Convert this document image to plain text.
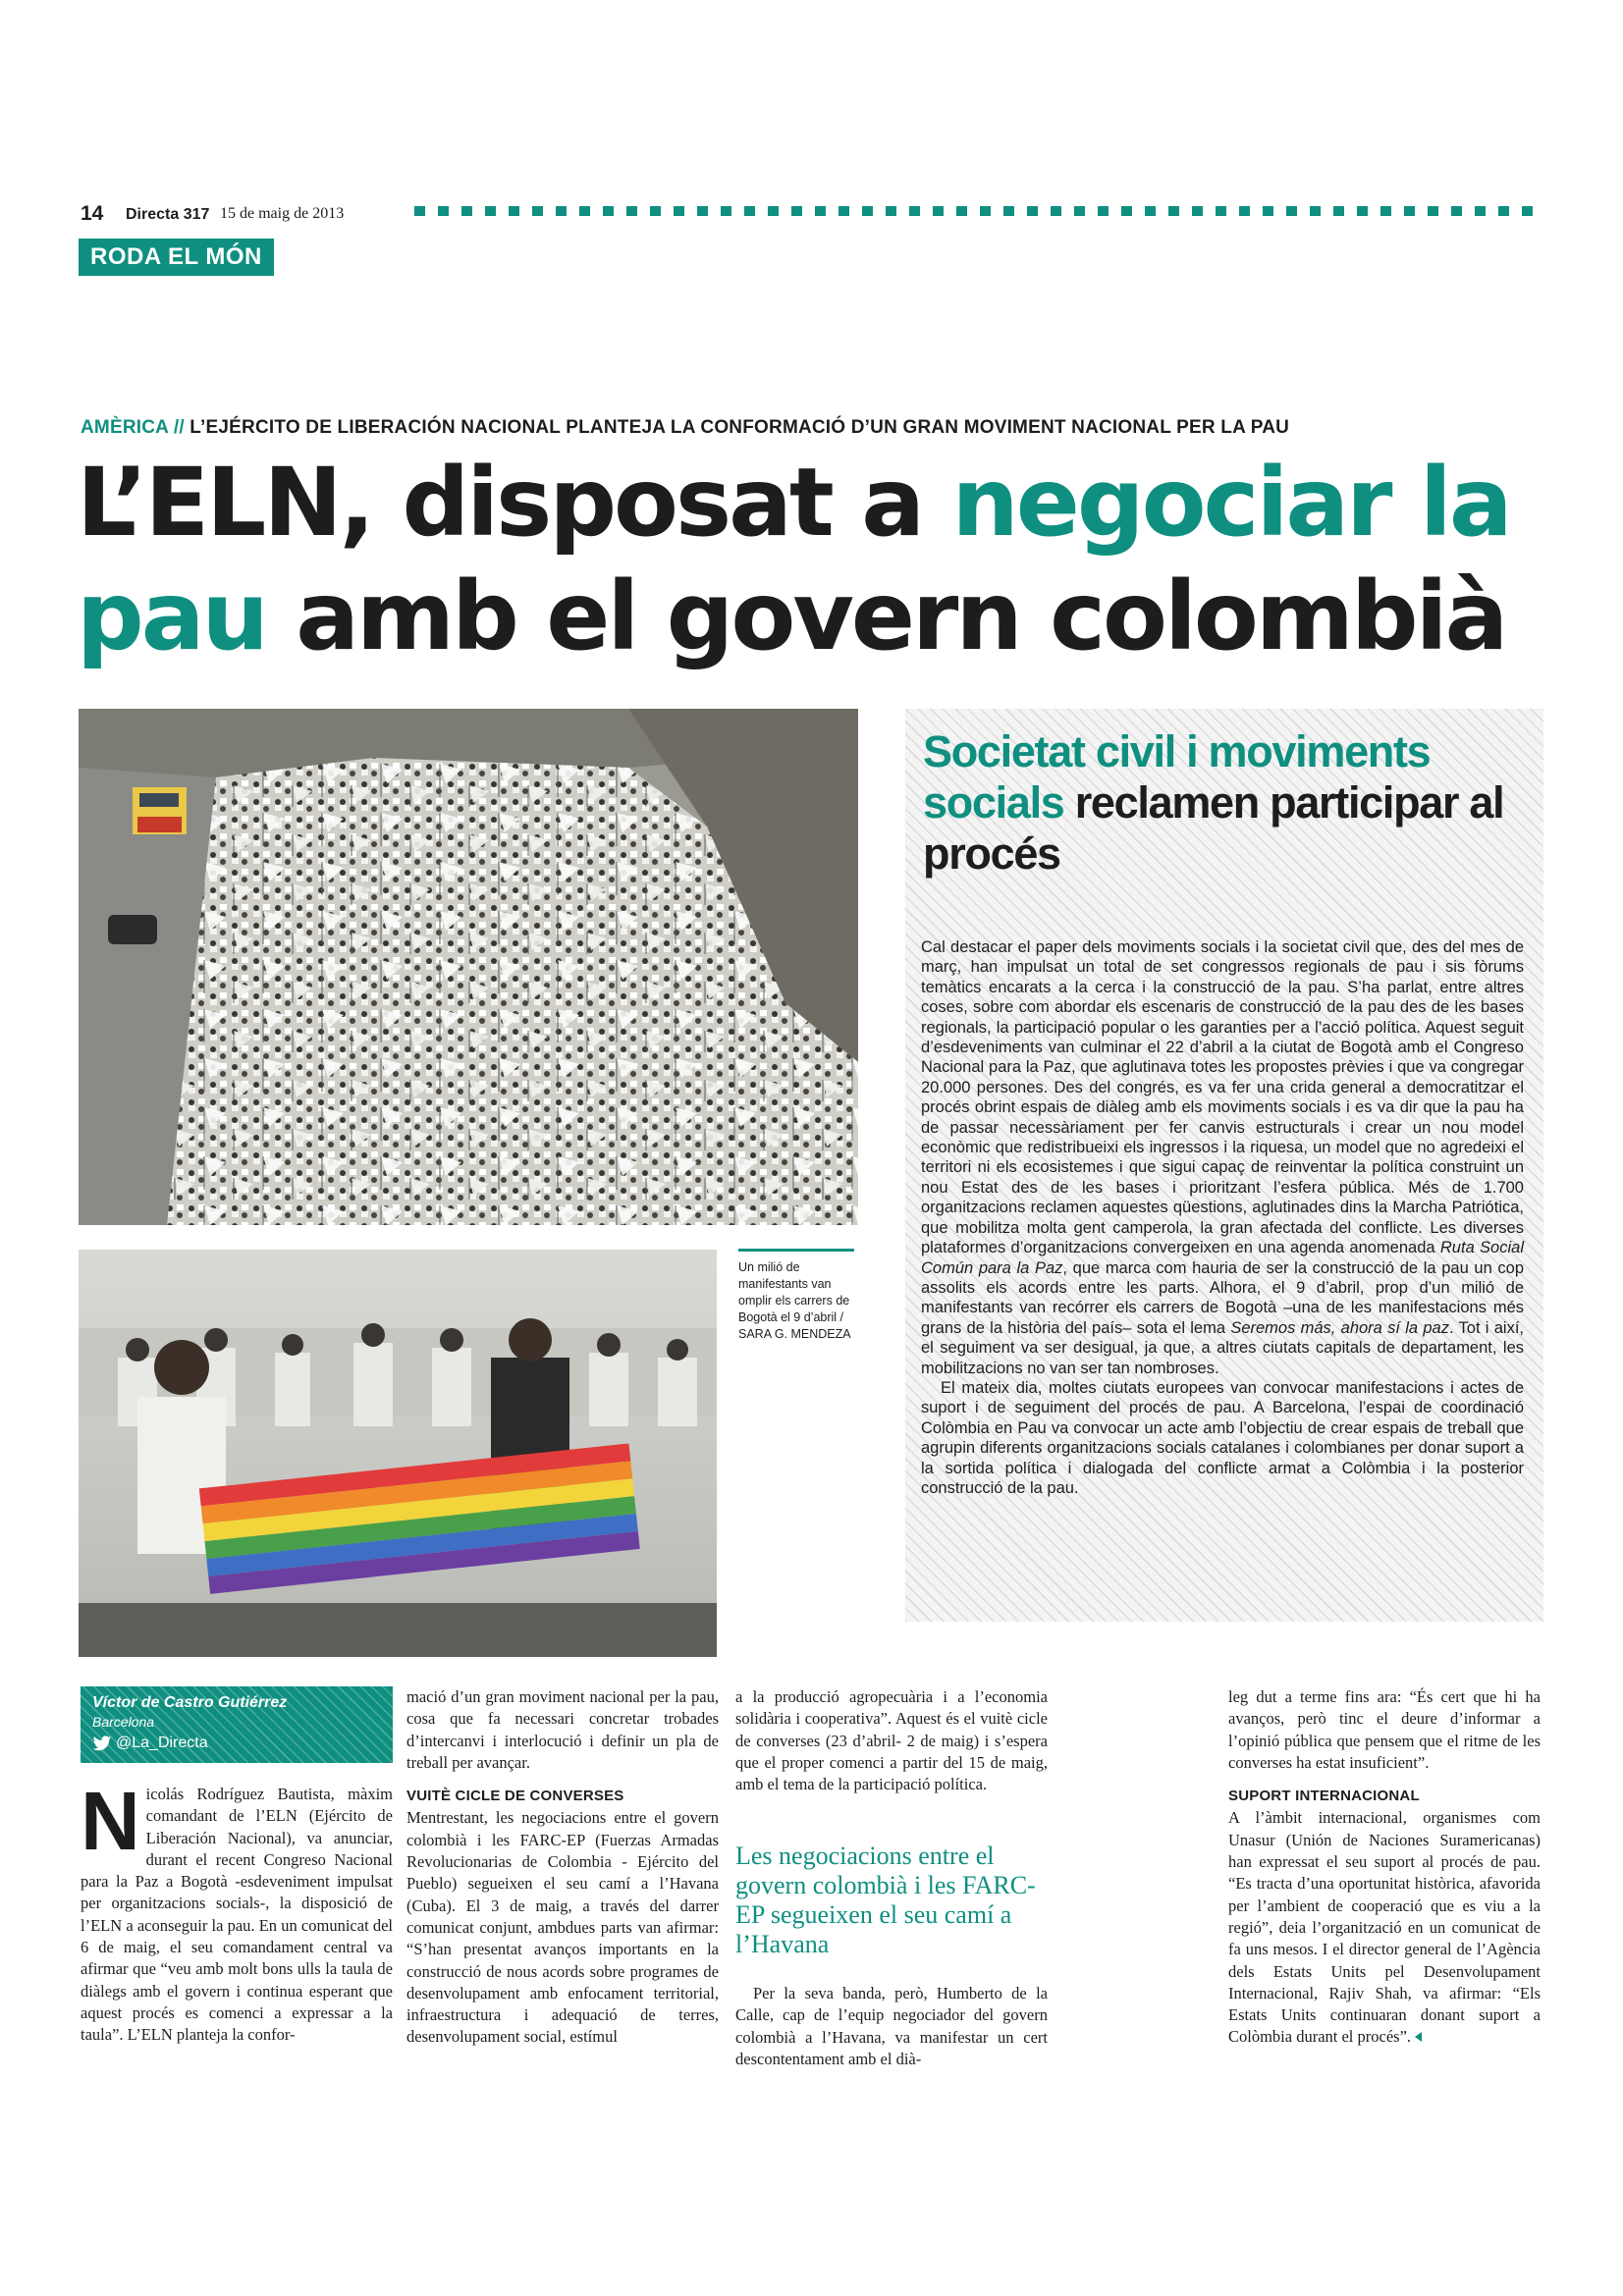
14 Directa 317 15 de maig de 2013
RODA EL MÓN
AMÈRICA // L’EJÉRCITO DE LIBERACIÓN NACIONAL PLANTEJA LA CONFORMACIÓ D’UN GRAN MOVIMENT NACIONAL PER LA PAU
L’ELN, disposat a negociar la
pau amb el govern colombià
Un milió de manifestants van omplir els carrers de Bogotà el 9 d’abril / SARA G. MENDEZA
Societat civil i moviments socials reclamen participar al procés

Cal destacar el paper dels moviments socials i la societat civil que, des del mes de març, han impulsat un total de set congressos regionals de pau i sis fòrums temàtics encarats a la cerca i la construcció de la pau. S’ha parlat, entre altres coses, sobre com abordar els escenaris de construcció de la pau des de les bases regionals, la participació popular o les garanties per a l’acció política. Aquest seguit d’esdeveniments van culminar el 22 d’abril a la ciutat de Bogotà amb el Congreso Nacional para la Paz, que aglutinava totes les propostes prèvies i que va congregar 20.000 persones. Des del congrés, es va fer una crida general a democratitzar el procés obrint espais de diàleg amb els moviments socials i es va dir que la pau ha de passar necessàriament per fer canvis estructurals i crear un nou model econòmic que redistribueixi els ingressos i la riquesa, un model que no agredeixi el territori ni els ecosistemes i que sigui capaç de reinventar la política construint un nou Estat des de les bases i prioritzant l’esfera pública. Més de 1.700 organitzacions reclamen aquestes qüestions, aglutinades dins la Marcha Patriótica, que mobilitza molta gent camperola, la gran afectada del conflicte. Les diverses plataformes d’organitzacions convergeixen en una agenda anomenada Ruta Social Común para la Paz, que marca com hauria de ser la construcció de la pau un cop assolits els acords entre les parts. Alhora, el 9 d’abril, prop d’un milió de manifestants van recórrer els carrers de Bogotà –una de les manifestacions més grans de la història del país– sota el lema Seremos más, ahora sí la paz. Tot i així, el seguiment va ser desigual, ja que, a altres ciutats capitals de departament, les mobilitzacions no van ser tan nombroses.

El mateix dia, moltes ciutats europees van convocar manifestacions i actes de suport i de seguiment del procés de pau. A Barcelona, l’espai de coordinació Colòmbia en Pau va convocar un acte amb l’objectiu de crear espais de treball que agrupin diferents organitzacions socials catalanes i colombianes per donar suport a la sortida política i dialogada del conflicte armat a Colòmbia i la posterior construcció de la pau.

Víctor de Castro Gutiérrez
Barcelona
@La_Directa

Nicolás Rodríguez Bautista, màxim comandant de l’ELN (Ejército de Liberación Nacional), va anunciar, durant el recent Congreso Nacional para la Paz a Bogotà -esdeveniment impulsat per organitzacions socials-, la disposició de l’ELN a aconseguir la pau. En un comunicat del 6 de maig, el seu comandament central va afirmar que “veu amb molt bons ulls la taula de diàlegs amb el govern i continua esperant que aquest procés es comenci a expressar a la taula”. L’ELN planteja la confor-

mació d’un gran moviment nacional per la pau, cosa que fa necessari concretar trobades d’intercanvi i interlocució i definir un pla de treball per avançar.

VUITÈ CICLE DE CONVERSES

Mentrestant, les negociacions entre el govern colombià i les FARC-EP (Fuerzas Armadas Revolucionarias de Colombia - Ejército del Pueblo) segueixen el seu camí a l’Havana (Cuba). El 3 de maig, a través del darrer comunicat conjunt, ambdues parts van afirmar: “S’han presentat avanços importants en la construcció de nous acords sobre programes de desenvolupament amb enfocament territorial, infraestructura i adequació de terres, desenvolupament social, estímul

a la producció agropecuària i a l’economia solidària i cooperativa”. Aquest és el vuitè cicle de converses (23 d’abril- 2 de maig) i s’espera que el proper comenci a partir del 15 de maig, amb el tema de la participació política.

Les negociacions entre el govern colombià i les FARC-EP segueixen el seu camí a l’Havana

Per la seva banda, però, Humberto de la Calle, cap de l’equip negociador del govern colombià a l’Havana, va manifestar un cert descontentament amb el dià-

leg dut a terme fins ara: “És cert que hi ha avanços, però tinc el deure d’informar a l’opinió pública que pensem que el ritme de les converses ha estat insuficient”.

SUPORT INTERNACIONAL

A l’àmbit internacional, organismes com Unasur (Unión de Naciones Suramericanas) han expressat el seu suport al procés de pau. “Es tracta d’una oportunitat històrica, afavorida per l’ambient de cooperació que es viu a la regió”, deia l’organització en un comunicat de fa uns mesos. I el director general de l’Agència dels Estats Units pel Desenvolupament Internacional, Rajiv Shah, va afirmar: “Els Estats Units continuaran donant suport a Colòmbia durant el procés”.
